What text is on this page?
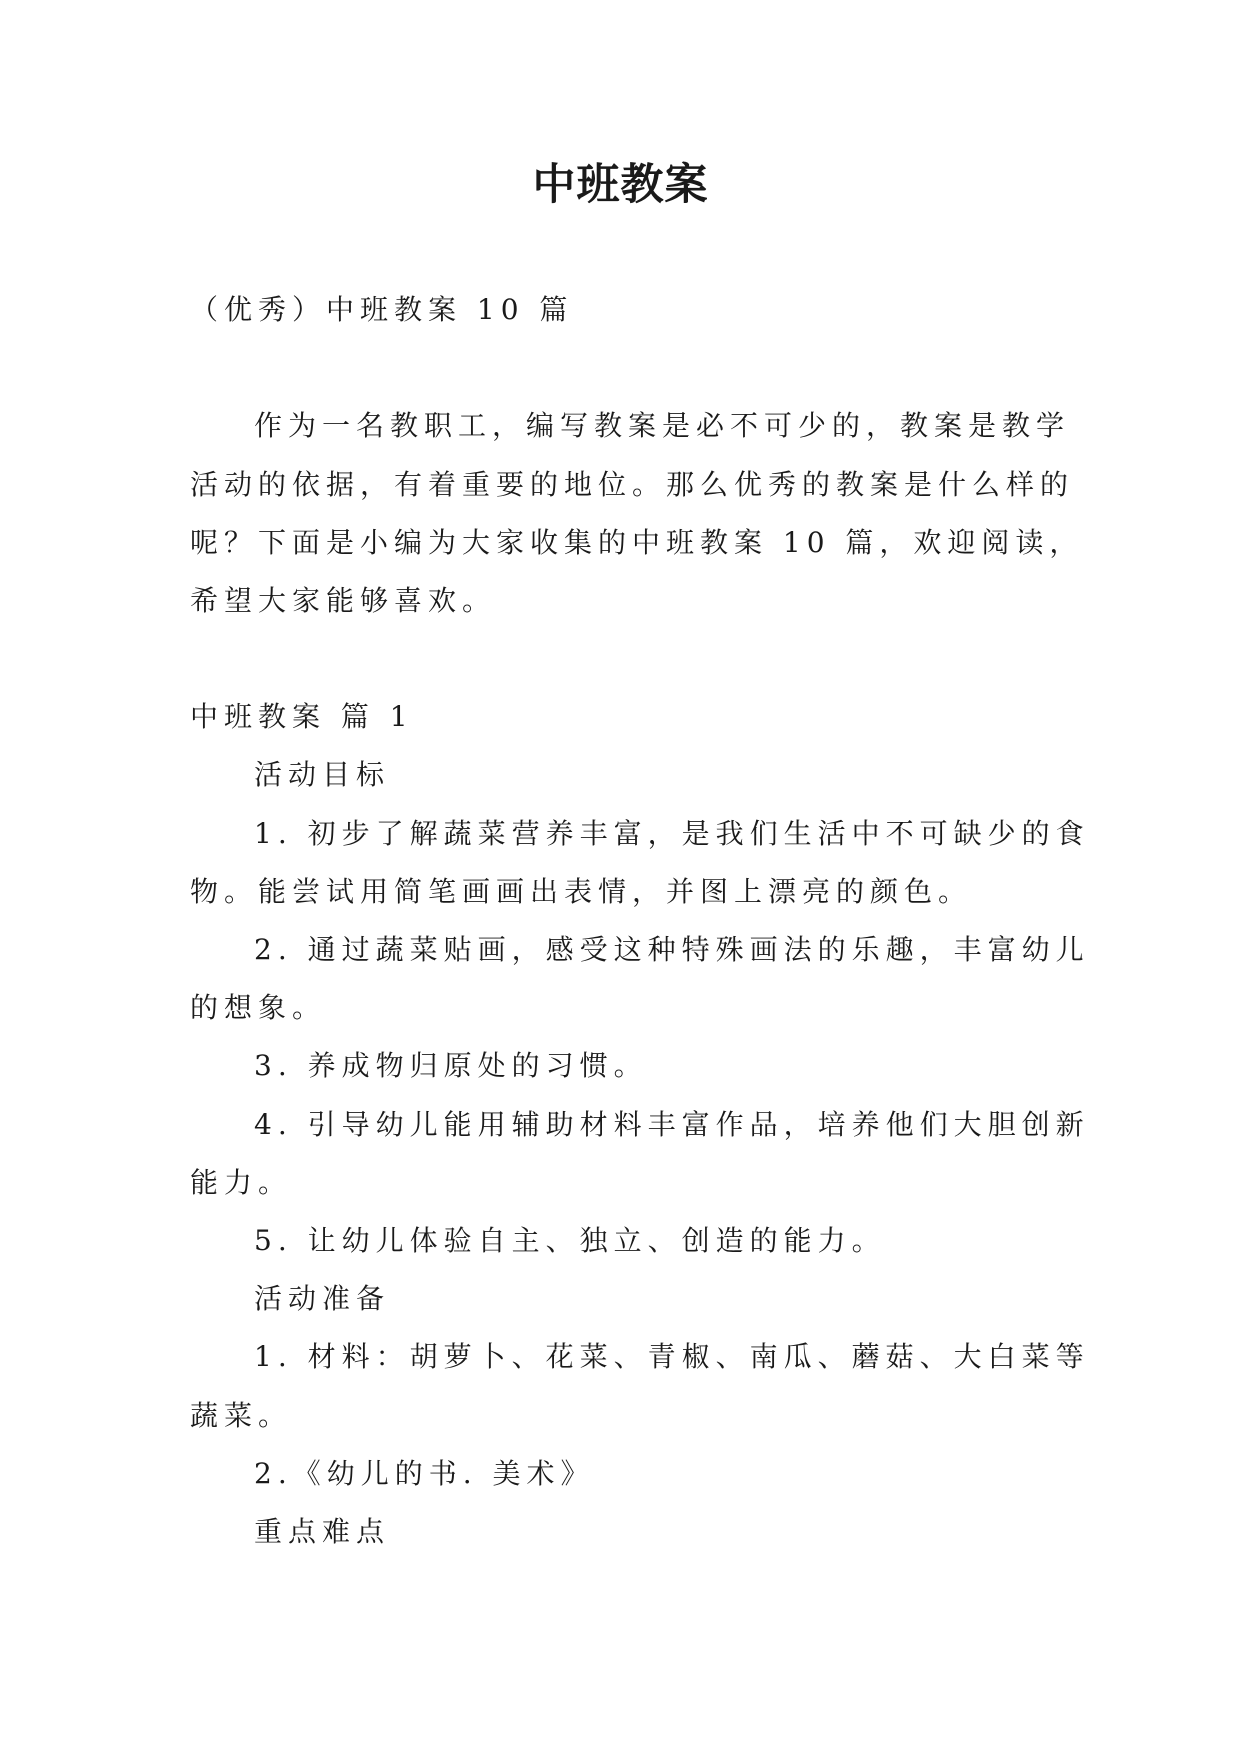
中班教案
（优秀）中班教案 10 篇
作为一名教职工，编写教案是必不可少的，教案是教学
活动的依据，有着重要的地位。那么优秀的教案是什么样的
呢？下面是小编为大家收集的中班教案 10 篇，欢迎阅读，
希望大家能够喜欢。
中班教案 篇 1
活动目标
1. 初步了解蔬菜营养丰富，是我们生活中不可缺少的食
物。能尝试用简笔画画出表情，并图上漂亮的颜色。
2. 通过蔬菜贴画，感受这种特殊画法的乐趣，丰富幼儿
的想象。
3. 养成物归原处的习惯。
4. 引导幼儿能用辅助材料丰富作品，培养他们大胆创新
能力。
5. 让幼儿体验自主、独立、创造的能力。
活动准备
1. 材料：胡萝卜、花菜、青椒、南瓜、蘑菇、大白菜等
蔬菜。
2.《幼儿的书. 美术》
重点难点
